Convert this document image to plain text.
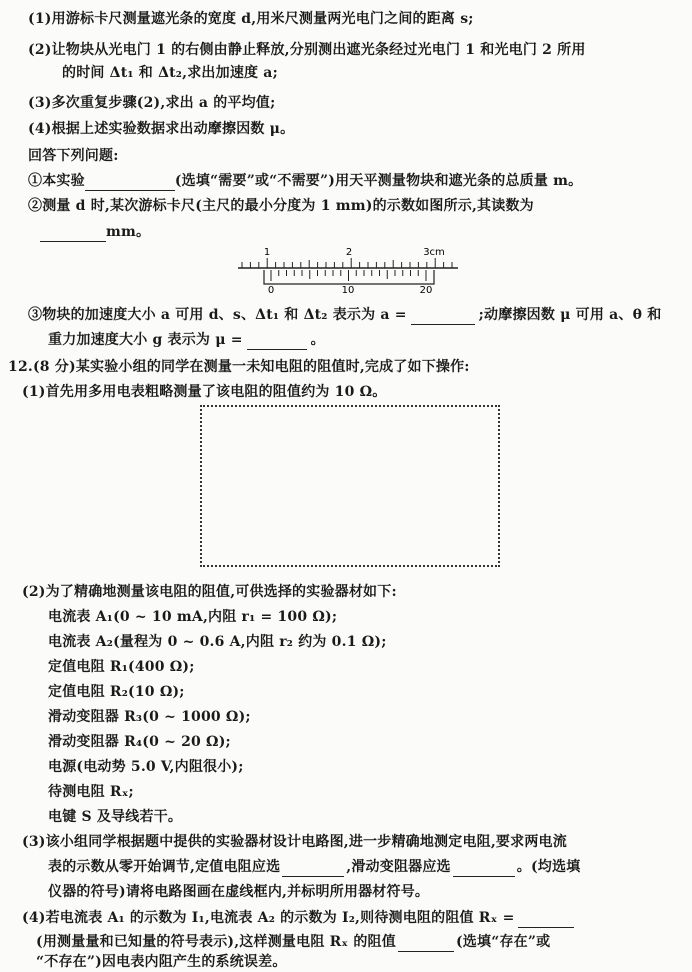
(1)用游标卡尺测量遮光条的宽度 d,用米尺测量两光电门之间的距离 s;
(2)让物块从光电门 1 的右侧由静止释放,分别测出遮光条经过光电门 1 和光电门 2 所用
的时间 Δt₁ 和 Δt₂,求出加速度 a;
(3)多次重复步骤(2),求出 a 的平均值;
(4)根据上述实验数据求出动摩擦因数 μ。
回答下列问题:
①本实验	(选填“需要”或“不需要”)用天平测量物块和遮光条的总质量 m。
②测量 d 时,某次游标卡尺(主尺的最小分度为 1 mm)的示数如图所示,其读数为
mm。
1	2	3cm
0	10	20
③物块的加速度大小 a 可用 d、s、Δt₁ 和 Δt₂ 表示为 a =	;动摩擦因数 μ 可用 a、θ 和
重力加速度大小 g 表示为 μ =	。
12.(8 分)某实验小组的同学在测量一未知电阻的阻值时,完成了如下操作:
(1)首先用多用电表粗略测量了该电阻的阻值约为 10 Ω。
(2)为了精确地测量该电阻的阻值,可供选择的实验器材如下:
电流表 A₁(0 ~ 10 mA,内阻 r₁ = 100 Ω);
电流表 A₂(量程为 0 ~ 0.6 A,内阻 r₂ 约为 0.1 Ω);
定值电阻 R₁(400 Ω);
定值电阻 R₂(10 Ω);
滑动变阻器 R₃(0 ~ 1000 Ω);
滑动变阻器 R₄(0 ~ 20 Ω);
电源(电动势 5.0 V,内阻很小);
待测电阻 Rₓ;
电键 S 及导线若干。
(3)该小组同学根据题中提供的实验器材设计电路图,进一步精确地测定电阻,要求两电流
表的示数从零开始调节,定值电阻应选	,滑动变阻器应选	。(均选填
仪器的符号)请将电路图画在虚线框内,并标明所用器材符号。
(4)若电流表 A₁ 的示数为 I₁,电流表 A₂ 的示数为 I₂,则待测电阻的阻值 Rₓ =
(用测量量和已知量的符号表示),这样测量电阻 Rₓ 的阻值	(选填“存在”或
“不存在”)因电表内阻产生的系统误差。
